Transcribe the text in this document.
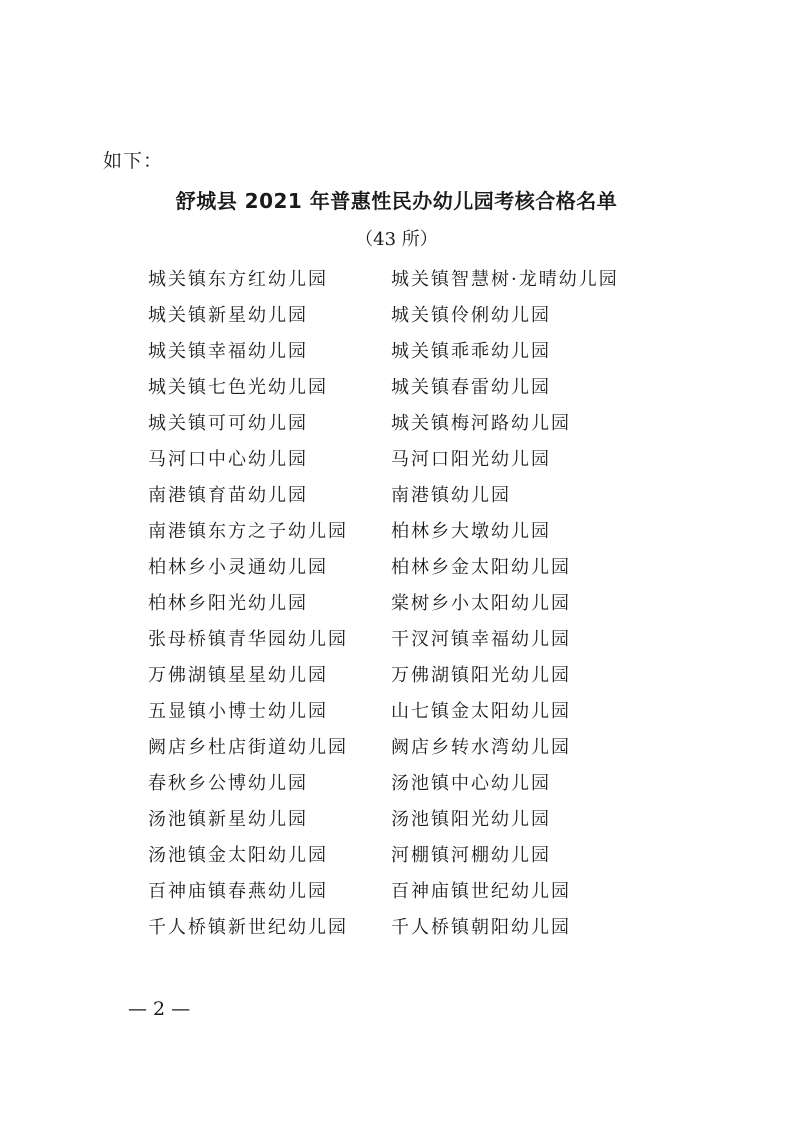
如下：
舒城县 2021 年普惠性民办幼儿园考核合格名单
（43 所）
城关镇东方红幼儿园	城关镇智慧树·龙晴幼儿园
城关镇新星幼儿园	城关镇伶俐幼儿园
城关镇幸福幼儿园	城关镇乖乖幼儿园
城关镇七色光幼儿园	城关镇春雷幼儿园
城关镇可可幼儿园	城关镇梅河路幼儿园
马河口中心幼儿园	马河口阳光幼儿园
南港镇育苗幼儿园	南港镇幼儿园
南港镇东方之子幼儿园	柏林乡大墩幼儿园
柏林乡小灵通幼儿园	柏林乡金太阳幼儿园
柏林乡阳光幼儿园	棠树乡小太阳幼儿园
张母桥镇青华园幼儿园	干汊河镇幸福幼儿园
万佛湖镇星星幼儿园	万佛湖镇阳光幼儿园
五显镇小博士幼儿园	山七镇金太阳幼儿园
阙店乡杜店街道幼儿园	阙店乡转水湾幼儿园
春秋乡公博幼儿园	汤池镇中心幼儿园
汤池镇新星幼儿园	汤池镇阳光幼儿园
汤池镇金太阳幼儿园	河棚镇河棚幼儿园
百神庙镇春燕幼儿园	百神庙镇世纪幼儿园
千人桥镇新世纪幼儿园	千人桥镇朝阳幼儿园
— 2 —
